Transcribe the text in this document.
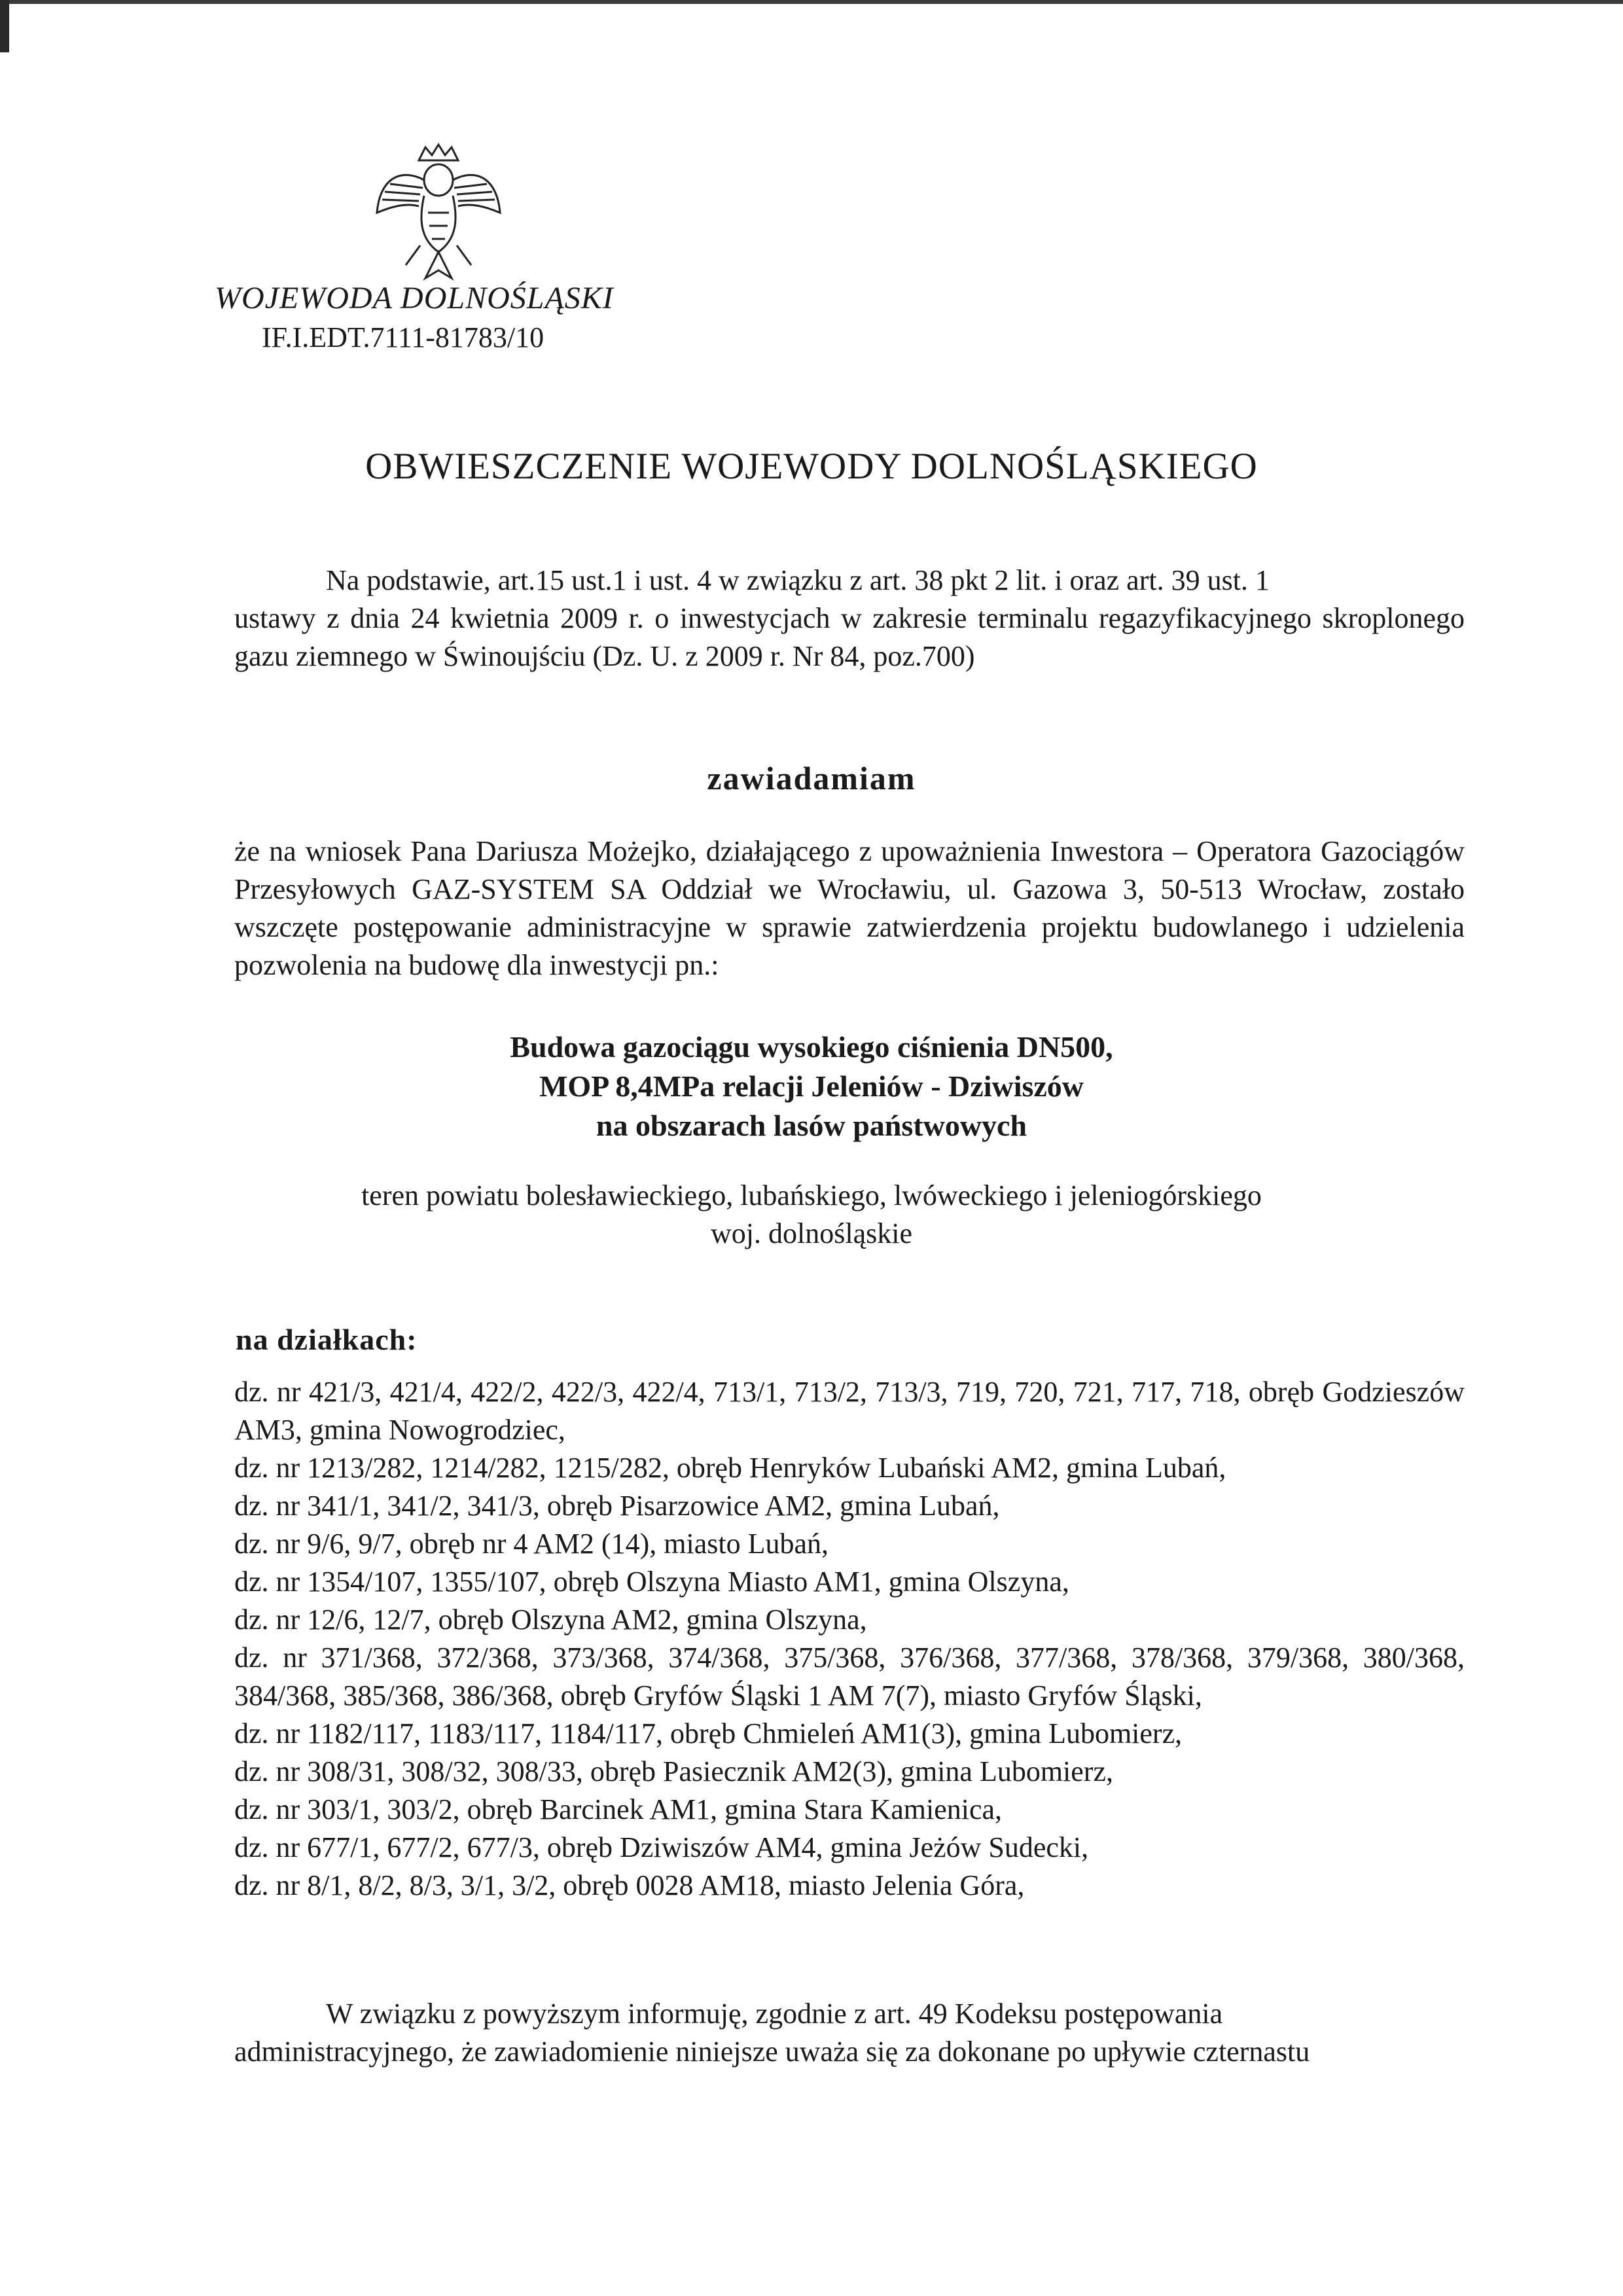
WOJEWODA DOLNOŚLĄSKI
IF.I.EDT.7111-81783/10
OBWIESZCZENIE WOJEWODY DOLNOŚLĄSKIEGO
Na podstawie, art.15 ust.1 i ust. 4 w związku z art. 38 pkt 2 lit. i oraz art. 39 ust. 1
ustawy z dnia 24 kwietnia 2009 r. o inwestycjach w zakresie terminalu regazyfikacyjnego skroplonego gazu ziemnego w Świnoujściu (Dz. U. z 2009 r. Nr 84, poz.700)
zawiadamiam
że na wniosek Pana Dariusza Możejko, działającego z upoważnienia Inwestora – Operatora Gazociągów Przesyłowych GAZ-SYSTEM SA Oddział we Wrocławiu, ul. Gazowa 3, 50-513 Wrocław, zostało wszczęte postępowanie administracyjne w sprawie zatwierdzenia projektu budowlanego i udzielenia pozwolenia na budowę dla inwestycji pn.:
Budowa gazociągu wysokiego ciśnienia DN500,
MOP 8,4MPa relacji Jeleniów - Dziwiszów
na obszarach lasów państwowych
teren powiatu bolesławieckiego, lubańskiego, lwóweckiego i jeleniogórskiego
woj. dolnośląskie
na działkach:
dz. nr 421/3, 421/4, 422/2, 422/3, 422/4, 713/1, 713/2, 713/3, 719, 720, 721, 717, 718, obręb Godzieszów AM3, gmina Nowogrodziec,
dz. nr 1213/282, 1214/282, 1215/282, obręb Henryków Lubański AM2, gmina Lubań,
dz. nr 341/1, 341/2, 341/3, obręb Pisarzowice AM2, gmina Lubań,
dz. nr 9/6, 9/7, obręb nr 4 AM2 (14), miasto Lubań,
dz. nr 1354/107, 1355/107, obręb Olszyna Miasto AM1, gmina Olszyna,
dz. nr 12/6, 12/7, obręb Olszyna AM2, gmina Olszyna,
dz. nr 371/368, 372/368, 373/368, 374/368, 375/368, 376/368, 377/368, 378/368, 379/368, 380/368, 384/368, 385/368, 386/368, obręb Gryfów Śląski 1 AM 7(7), miasto Gryfów Śląski,
dz. nr 1182/117, 1183/117, 1184/117, obręb Chmieleń AM1(3), gmina Lubomierz,
dz. nr 308/31, 308/32, 308/33, obręb Pasiecznik AM2(3), gmina Lubomierz,
dz. nr 303/1, 303/2, obręb Barcinek AM1, gmina Stara Kamienica,
dz. nr 677/1, 677/2, 677/3, obręb Dziwiszów AM4, gmina Jeżów Sudecki,
dz. nr 8/1, 8/2, 8/3, 3/1, 3/2, obręb 0028 AM18, miasto Jelenia Góra,
W związku z powyższym informuję, zgodnie z art. 49 Kodeksu postępowania
administracyjnego, że zawiadomienie niniejsze uważa się za dokonane po upływie czternastu
